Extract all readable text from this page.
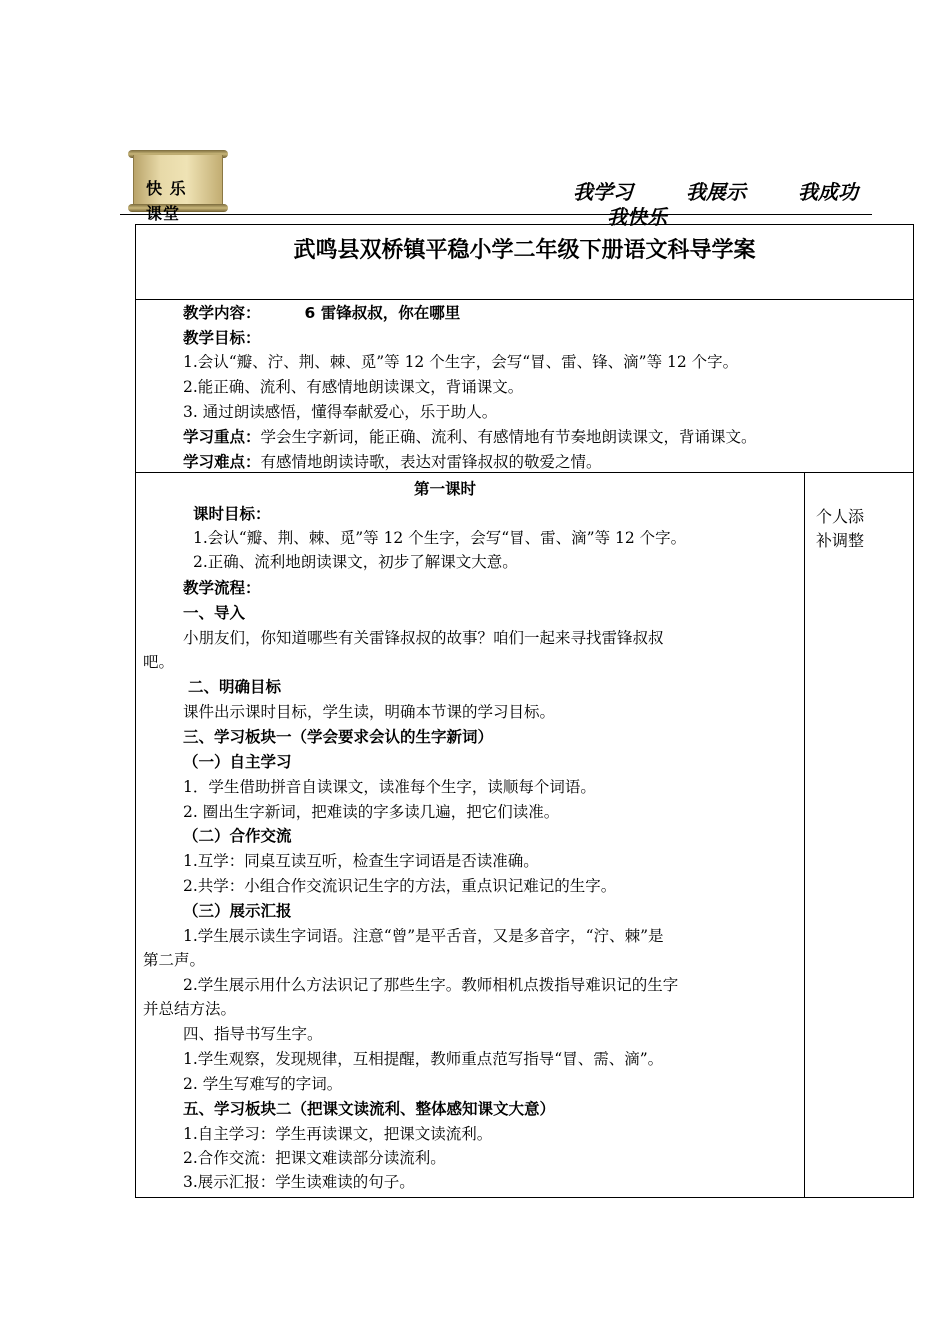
快 乐
课堂
我学习	我展示	我成功
我快乐
武鸣县双桥镇平稳小学二年级下册语文科导学案
教学内容：	6 雷锋叔叔，你在哪里
教学目标：
1.会认“瓣、泞、荆、棘、觅”等 12 个生字，会写“冒、雷、锋、滴”等 12 个字。
2.能正确、流利、有感情地朗读课文，背诵课文。
3. 通过朗读感悟，懂得奉献爱心，乐于助人。
学习重点：学会生字新词，能正确、流利、有感情地有节奏地朗读课文，背诵课文。
学习难点：有感情地朗读诗歌，表达对雷锋叔叔的敬爱之情。
第一课时
课时目标：
1.会认“瓣、荆、棘、觅”等 12 个生字，会写“冒、雷、滴”等 12 个字。
2.正确、流利地朗读课文，初步了解课文大意。
教学流程：
一、导入
小朋友们，你知道哪些有关雷锋叔叔的故事？咱们一起来寻找雷锋叔叔
吧。
二、明确目标
课件出示课时目标，学生读，明确本节课的学习目标。
三、学习板块一（学会要求会认的生字新词）
（一）自主学习
1．学生借助拼音自读课文，读准每个生字，读顺每个词语。
2. 圈出生字新词，把难读的字多读几遍，把它们读准。
（二）合作交流
1.互学：同桌互读互听，检查生字词语是否读准确。
2.共学：小组合作交流识记生字的方法，重点识记难记的生字。
（三）展示汇报
1.学生展示读生字词语。注意“曾”是平舌音，又是多音字，“泞、棘”是
第二声。
2.学生展示用什么方法识记了那些生字。教师相机点拨指导难识记的生字
并总结方法。
四、指导书写生字。
1.学生观察，发现规律，互相提醒，教师重点范写指导“冒、需、滴”。
2. 学生写难写的字词。
五、学习板块二（把课文读流利、整体感知课文大意）
1.自主学习：学生再读课文，把课文读流利。
2.合作交流：把课文难读部分读流利。
3.展示汇报：学生读难读的句子。
个人添
补调整
